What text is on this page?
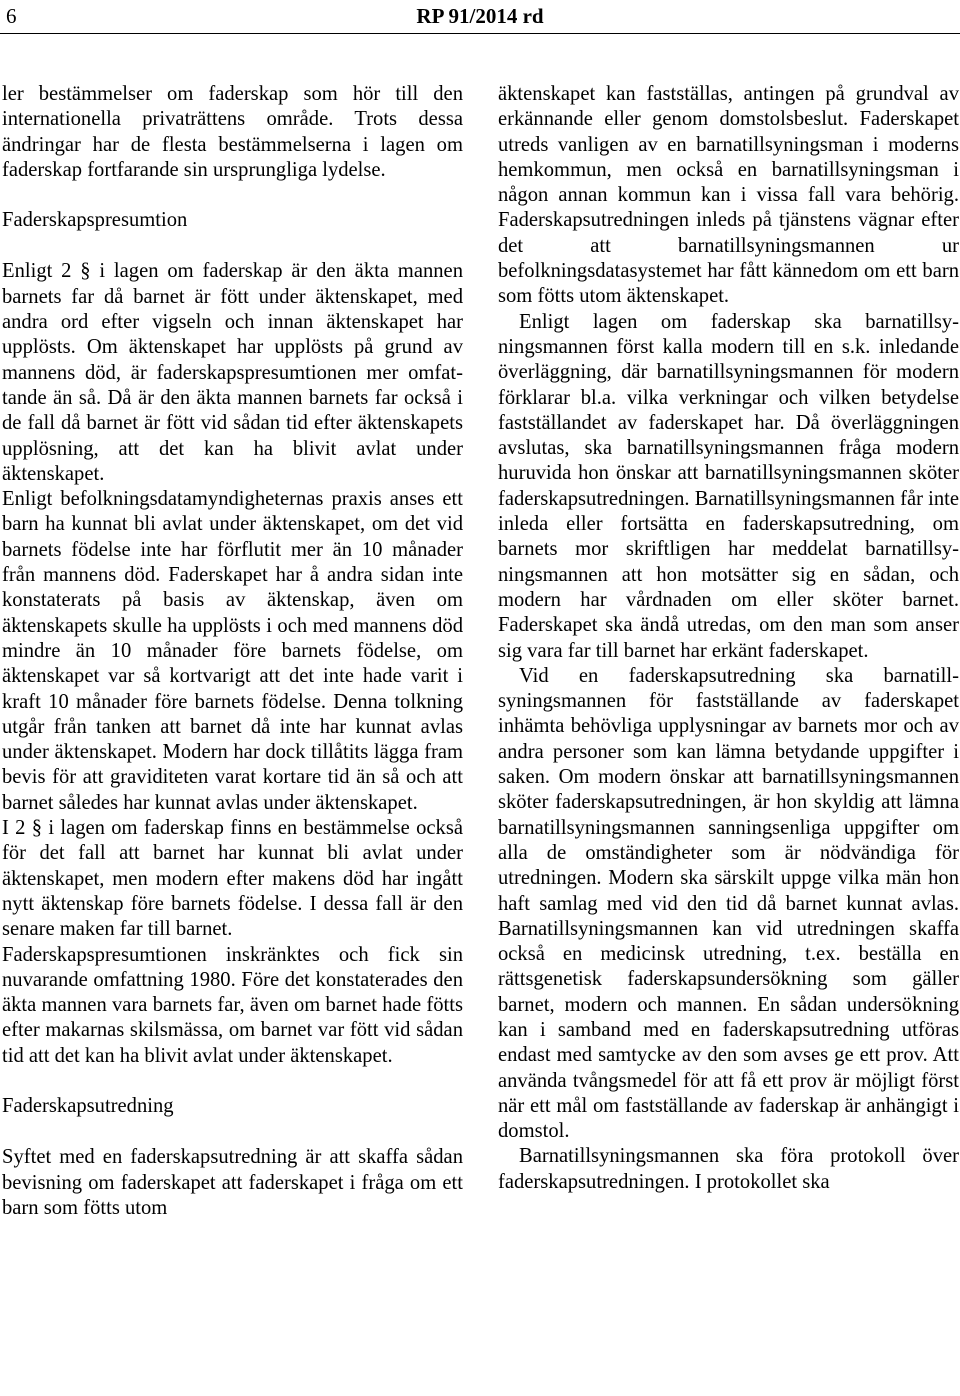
6	RP 91/2014 rd

ler bestämmelser om faderskap som hör till den internationella privaträttens område. Trots dessa ändringar har de flesta bestämmelserna i lagen om faderskap fortfarande sin ursprungliga lydelse.

Faderskapspresumtion

Enligt 2 § i lagen om faderskap är den äkta mannen barnets far då barnet är fött under äktenskapet, med andra ord efter vigseln och innan äktenskapet har upplösts. Om äktenskapet har upplösts på grund av mannens död, är faderskapspresumtionen mer omfattande än så. Då är den äkta mannen barnets far också i de fall då barnet är fött vid sådan tid efter äktenskapets upplösning, att det kan ha blivit avlat under äktenskapet.

Enligt befolkningsdatamyndigheternas praxis anses ett barn ha kunnat bli avlat under äktenskapet, om det vid barnets födelse inte har förflutit mer än 10 månader från mannens död. Faderskapet har å andra sidan inte konstaterats på basis av äktenskap, även om äktenskapets skulle ha upplösts i och med mannens död mindre än 10 månader före barnets födelse, om äktenskapet var så kortvarigt att det inte hade varit i kraft 10 månader före barnets födelse. Denna tolkning utgår från tanken att barnet då inte har kunnat avlas under äktenskapet. Modern har dock tillåtits lägga fram bevis för att graviditeten varat kortare tid än så och att barnet således har kunnat avlas under äktenskapet.

I 2 § i lagen om faderskap finns en bestämmelse också för det fall att barnet har kunnat bli avlat under äktenskapet, men modern efter makens död har ingått nytt äktenskap före barnets födelse. I dessa fall är den senare maken far till barnet.

Faderskapspresumtionen inskränktes och fick sin nuvarande omfattning 1980. Före det konstaterades den äkta mannen vara barnets far, även om barnet hade fötts efter makarnas skilsmässa, om barnet var fött vid sådan tid att det kan ha blivit avlat under äktenskapet.

Faderskapsutredning

Syftet med en faderskapsutredning är att skaffa sådan bevisning om faderskapet att faderskapet i fråga om ett barn som fötts utom

äktenskapet kan fastställas, antingen på grundval av erkännande eller genom domstolsbeslut. Faderskapet utreds vanligen av en barnatillsyningsman i moderns hemkommun, men också en barnatillsyningsman i någon annan kommun kan i vissa fall vara behörig. Faderskapsutredningen inleds på tjänstens vägnar efter det att barnatillsyningsmannen ur befolkningsdatasystemet har fått kännedom om ett barn som fötts utom äktenskapet.

Enligt lagen om faderskap ska barnatillsyningsmannen först kalla modern till en s.k. inledande överläggning, där barnatillsyningsmannen för modern förklarar bl.a. vilka verkningar och vilken betydelse fastställandet av faderskapet har. Då överläggningen avslutas, ska barnatillsyningsmannen fråga modern huruvida hon önskar att barnatillsyningsmannen sköter faderskapsutredningen. Barnatillsyningsmannen får inte inleda eller fortsätta en faderskapsutredning, om barnets mor skriftligen har meddelat barnatillsyningsmannen att hon motsätter sig en sådan, och modern har vårdnaden om eller sköter barnet. Faderskapet ska ändå utredas, om den man som anser sig vara far till barnet har erkänt faderskapet.

Vid en faderskapsutredning ska barnatillsyningsmannen för fastställande av faderskapet inhämta behövliga upplysningar av barnets mor och av andra personer som kan lämna betydande uppgifter i saken. Om modern önskar att barnatillsyningsmannen sköter faderskapsutredningen, är hon skyldig att lämna barnatillsyningsmannen sanningsenliga uppgifter om alla de omständigheter som är nödvändiga för utredningen. Modern ska särskilt uppge vilka män hon haft samlag med vid den tid då barnet kunnat avlas. Barnatillsyningsmannen kan vid utredningen skaffa också en medicinsk utredning, t.ex. beställa en rättsgenetisk faderskapsundersökning som gäller barnet, modern och mannen. En sådan undersökning kan i samband med en faderskapsutredning utföras endast med samtycke av den som avses ge ett prov. Att använda tvångsmedel för att få ett prov är möjligt först när ett mål om fastställande av faderskap är anhängigt i domstol.

Barnatillsyningsmannen ska föra protokoll över faderskapsutredningen. I protokollet ska
